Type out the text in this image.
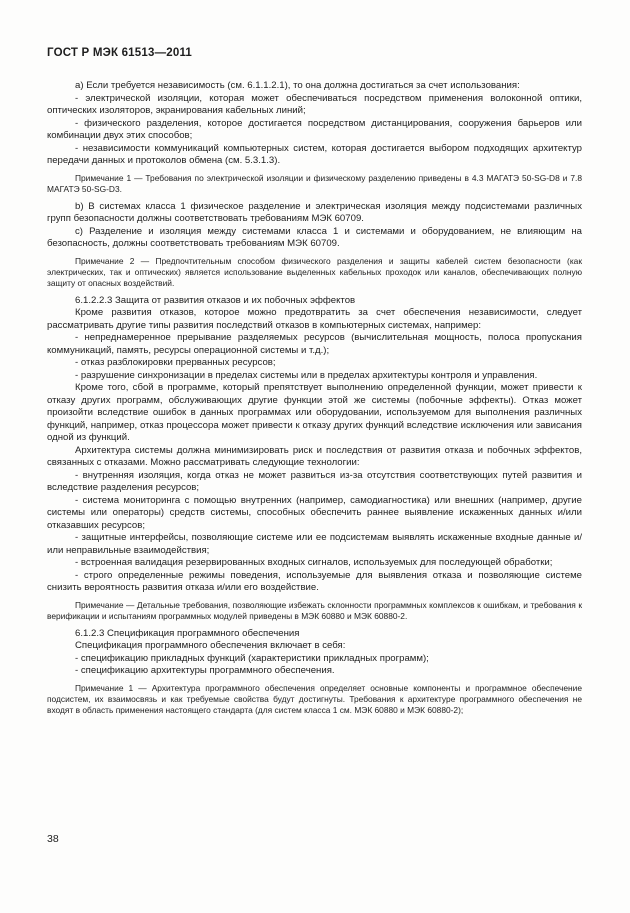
ГОСТ Р МЭК 61513—2011

а) Если требуется независимость (см. 6.1.1.2.1), то она должна достигаться за счет использования:

- электрической изоляции, которая может обеспечиваться посредством применения волоконной оптики, оптических изоляторов, экранирования кабельных линий;

- физического разделения, которое достигается посредством дистанцирования, сооружения барьеров или комбинации двух этих способов;

- независимости коммуникаций компьютерных систем, которая достигается выбором подходящих архитектур передачи данных и протоколов обмена (см. 5.3.1.3).

Примечание 1 — Требования по электрической изоляции и физическому разделению приведены в 4.3 МАГАТЭ 50-SG-D8 и 7.8 МАГАТЭ 50-SG-D3.

b) В системах класса 1 физическое разделение и электрическая изоляция между подсистемами различных групп безопасности должны соответствовать требованиям МЭК 60709.

с) Разделение и изоляция между системами класса 1 и системами и оборудованием, не влияющим на безопасность, должны соответствовать требованиям МЭК 60709.

Примечание 2 — Предпочтительным способом физического разделения и защиты кабелей систем безопасности (как электрических, так и оптических) является использование выделенных кабельных проходок или каналов, обеспечивающих полную защиту от опасных воздействий.

6.1.2.2.3 Защита от развития отказов и их побочных эффектов

Кроме развития отказов, которое можно предотвратить за счет обеспечения независимости, следует рассматривать другие типы развития последствий отказов в компьютерных системах, например:

- непреднамеренное прерывание разделяемых ресурсов (вычислительная мощность, полоса пропускания коммуникаций, память, ресурсы операционной системы и т.д.);

- отказ разблокировки прерванных ресурсов;

- разрушение синхронизации в пределах системы или в пределах архитектуры контроля и управления.

Кроме того, сбой в программе, который препятствует выполнению определенной функции, может привести к отказу других программ, обслуживающих другие функции этой же системы (побочные эффекты). Отказ может произойти вследствие ошибок в данных программах или оборудовании, используемом для выполнения различных функций, например, отказ процессора может привести к отказу других функций вследствие исключения или зависания одной из функций.

Архитектура системы должна минимизировать риск и последствия от развития отказа и побочных эффектов, связанных с отказами. Можно рассматривать следующие технологии:

- внутренняя изоляция, когда отказ не может развиться из-за отсутствия соответствующих путей развития и вследствие разделения ресурсов;

- система мониторинга с помощью внутренних (например, самодиагностика) или внешних (например, другие системы или операторы) средств системы, способных обеспечить раннее выявление искаженных данных и/или отказавших ресурсов;

- защитные интерфейсы, позволяющие системе или ее подсистемам выявлять искаженные входные данные и/или неправильные взаимодействия;

- встроенная валидация резервированных входных сигналов, используемых для последующей обработки;

- строго определенные режимы поведения, используемые для выявления отказа и позволяющие системе снизить вероятность развития отказа и/или его воздействие.

Примечание — Детальные требования, позволяющие избежать склонности программных комплексов к ошибкам, и требования к верификации и испытаниям программных модулей приведены в МЭК 60880 и МЭК 60880-2.

6.1.2.3 Спецификация программного обеспечения

Спецификация программного обеспечения включает в себя:

- спецификацию прикладных функций (характеристики прикладных программ);

- спецификацию архитектуры программного обеспечения.

Примечание 1 — Архитектура программного обеспечения определяет основные компоненты и программное обеспечение подсистем, их взаимосвязь и как требуемые свойства будут достигнуты. Требования к архитектуре программного обеспечения не входят в область применения настоящего стандарта (для систем класса 1 см. МЭК 60880 и МЭК 60880-2);

38
